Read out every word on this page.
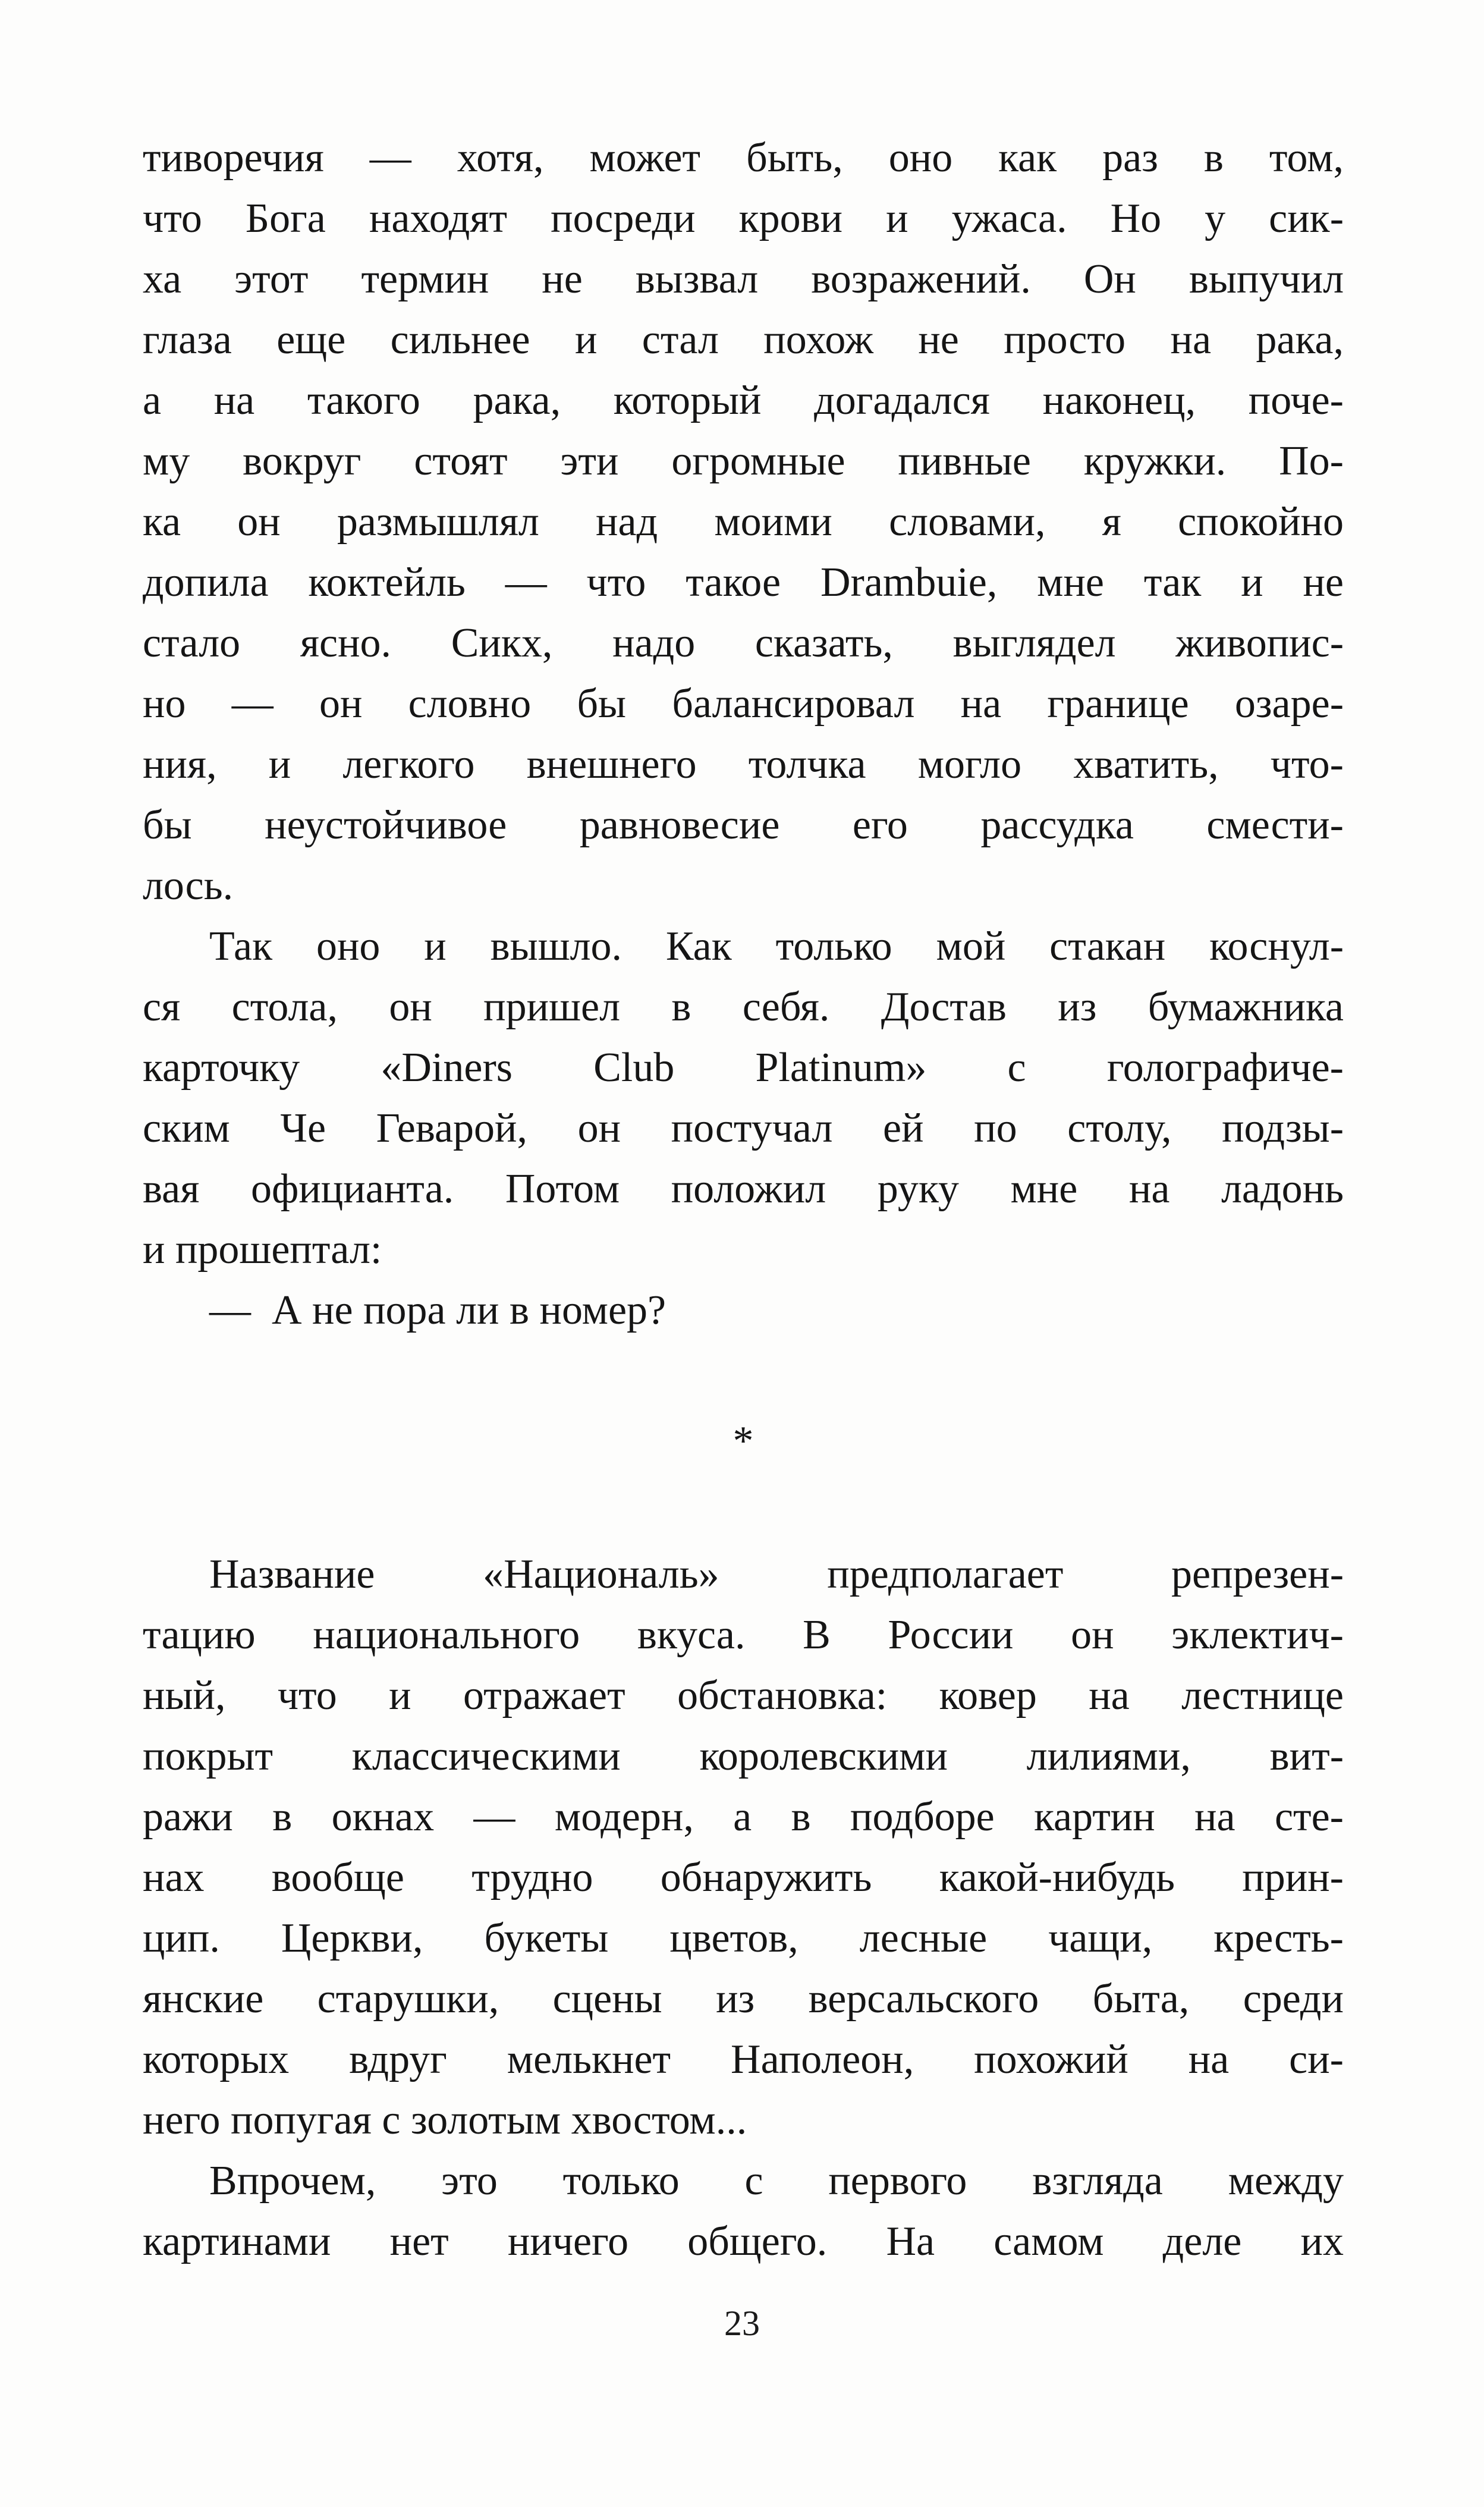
тиворечия — хотя, может быть, оно как раз в том,
что Бога находят посреди крови и ужаса. Но у сик-
ха этот термин не вызвал возражений. Он выпучил
глаза еще сильнее и стал похож не просто на рака,
а на такого рака, который догадался наконец, поче-
му вокруг стоят эти огромные пивные кружки. По-
ка он размышлял над моими словами, я спокойно
допила коктейль — что такое Drambuie, мне так и не
стало ясно. Сикх, надо сказать, выглядел живопис-
но — он словно бы балансировал на границе озаре-
ния, и легкого внешнего толчка могло хватить, что-
бы неустойчивое равновесие его рассудка смести-
лось.
Так оно и вышло. Как только мой стакан коснул-
ся стола, он пришел в себя. Достав из бумажника
карточку «Diners Club Platinum» с голографиче-
ским Че Геварой, он постучал ей по столу, подзы-
вая официанта. Потом положил руку мне на ладонь
и прошептал:
—  А не пора ли в номер?
*
Название «Националь» предполагает репрезен-
тацию национального вкуса. В России он эклектич-
ный, что и отражает обстановка: ковер на лестнице
покрыт классическими королевскими лилиями, вит-
ражи в окнах — модерн, а в подборе картин на сте-
нах вообще трудно обнаружить какой-нибудь прин-
цип. Церкви, букеты цветов, лесные чащи, кресть-
янские старушки, сцены из версальского быта, среди
которых вдруг мелькнет Наполеон, похожий на си-
него попугая с золотым хвостом...
Впрочем, это только с первого взгляда между
картинами нет ничего общего. На самом деле их
23
